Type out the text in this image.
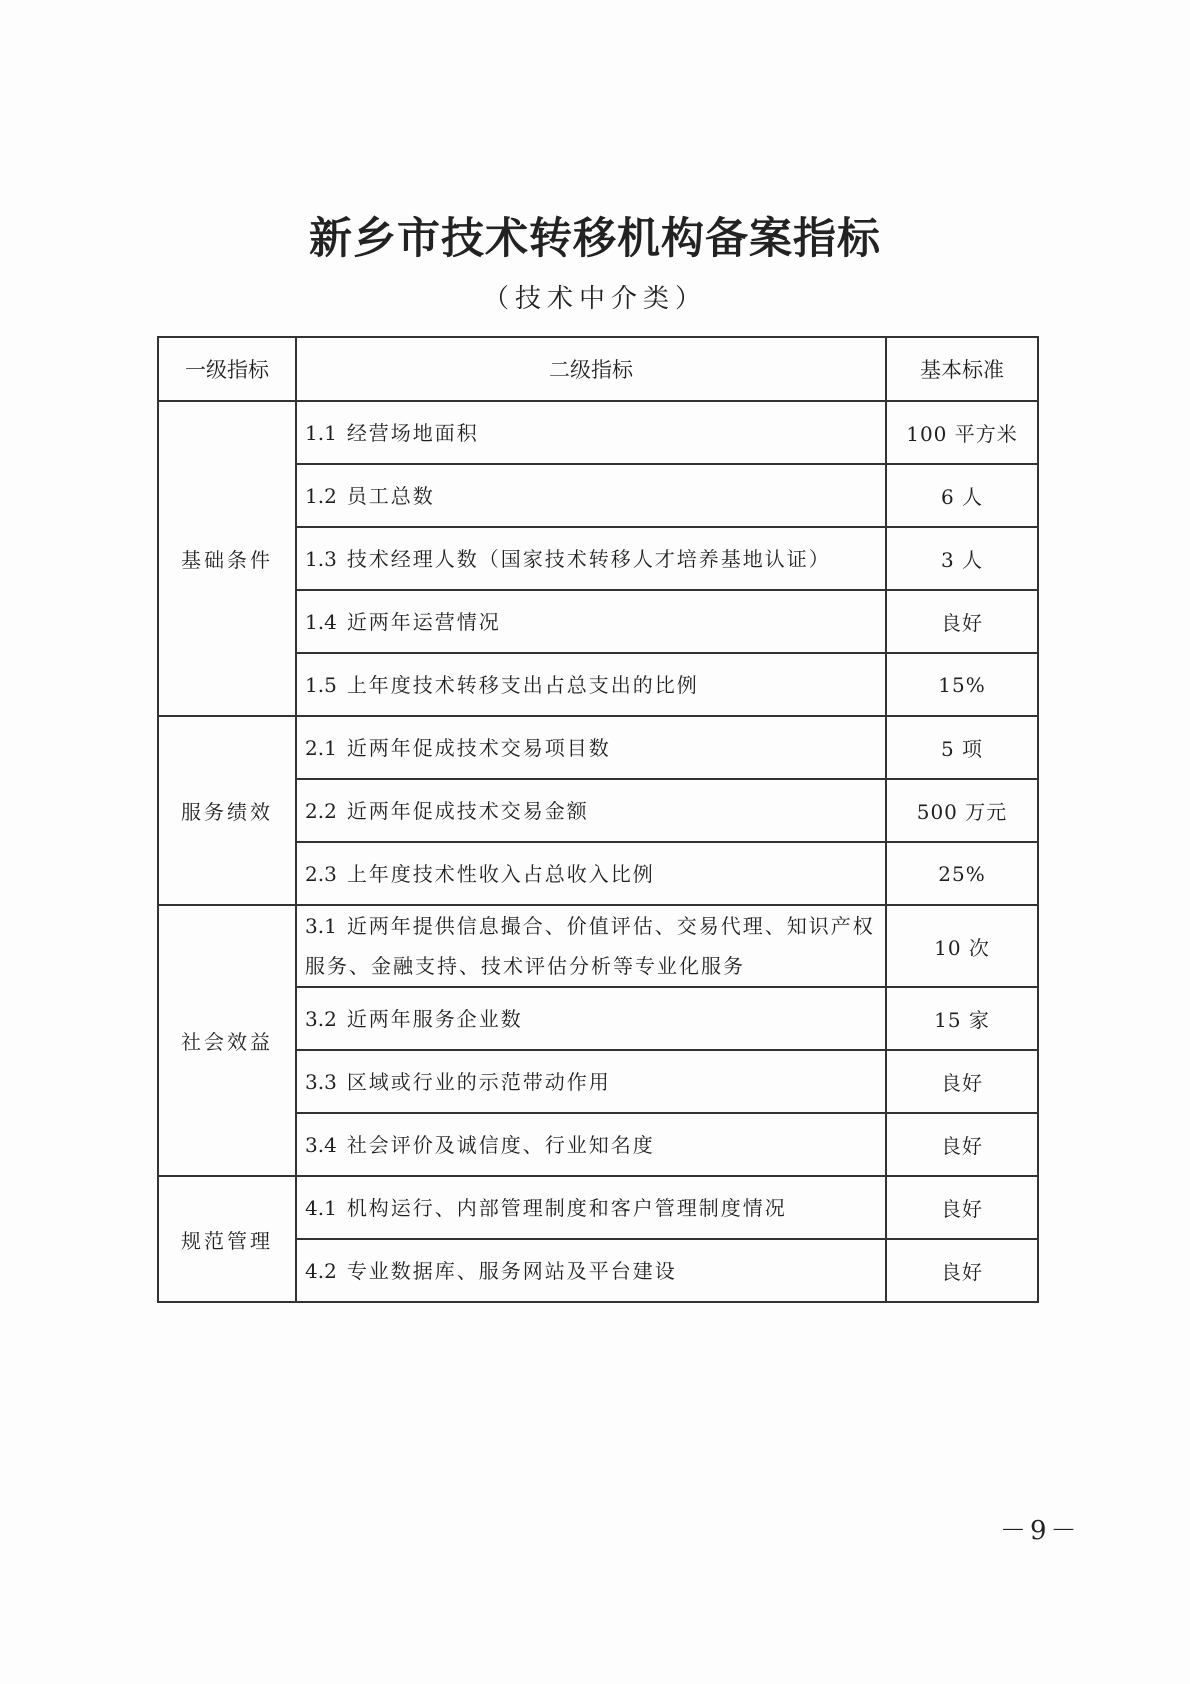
新乡市技术转移机构备案指标
（技术中介类）
一级指标	二级指标	基本标准
基础条件	1.1 经营场地面积	100 平方米
	1.2 员工总数	6 人
	1.3 技术经理人数（国家技术转移人才培养基地认证）	3 人
	1.4 近两年运营情况	良好
	1.5 上年度技术转移支出占总支出的比例	15%
服务绩效	2.1 近两年促成技术交易项目数	5 项
	2.2 近两年促成技术交易金额	500 万元
	2.3 上年度技术性收入占总收入比例	25%
社会效益	3.1 近两年提供信息撮合、价值评估、交易代理、知识产权服务、金融支持、技术评估分析等专业化服务	10 次
	3.2 近两年服务企业数	15 家
	3.3 区域或行业的示范带动作用	良好
	3.4 社会评价及诚信度、行业知名度	良好
规范管理	4.1 机构运行、内部管理制度和客户管理制度情况	良好
	4.2 专业数据库、服务网站及平台建设	良好
－9－
